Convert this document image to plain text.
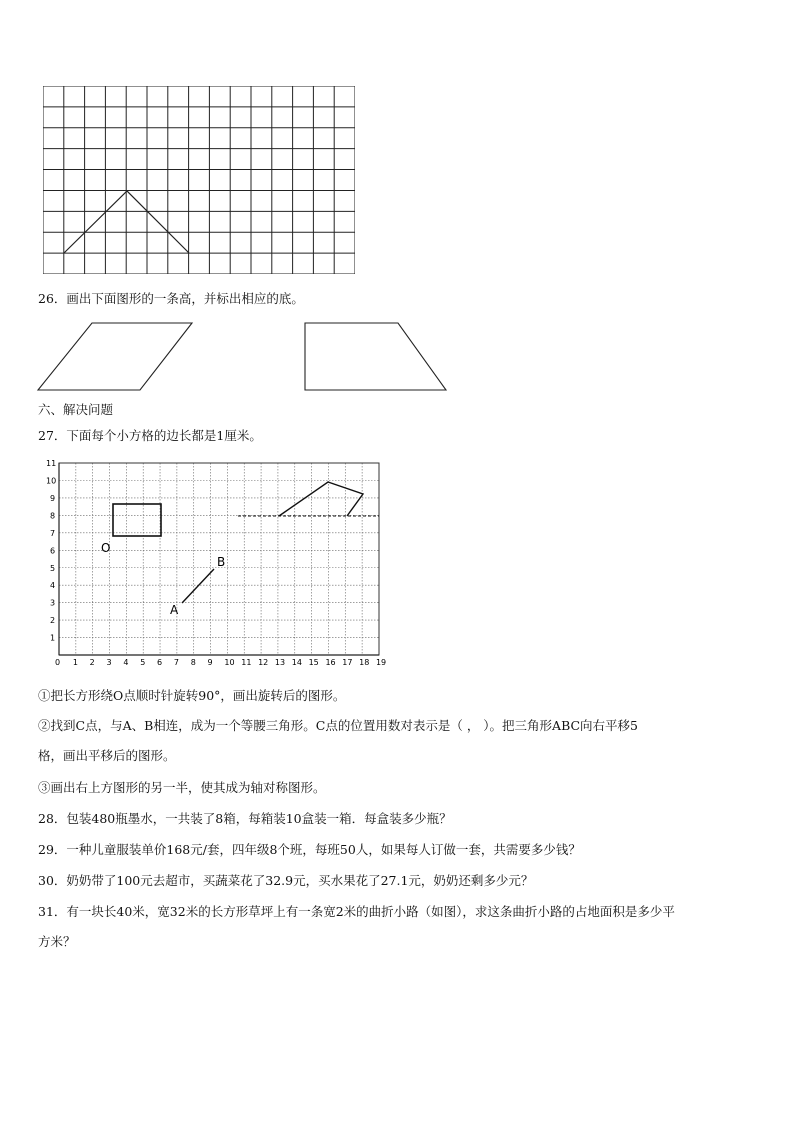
26．画出下面图形的一条高，并标出相应的底。
六、解决问题
27．下面每个小方格的边长都是1厘米。
0 1 2 3 4 5 6 7 8 9 10 11 12 13 14 15 16 17 18 19
1
2
3
4
5
6
7
8
9
10
11
O
A
B
①把长方形绕O点顺时针旋转90°，画出旋转后的图形。
②找到C点，与A、B相连，成为一个等腰三角形。C点的位置用数对表示是（ ， ）。把三角形ABC向右平移5
格，画出平移后的图形。
③画出右上方图形的另一半，使其成为轴对称图形。
28．包装480瓶墨水，一共装了8箱，每箱装10盒装一箱．每盒装多少瓶？
29．一种儿童服装单价168元/套，四年级8个班，每班50人，如果每人订做一套，共需要多少钱？
30．奶奶带了100元去超市，买蔬菜花了32.9元，买水果花了27.1元，奶奶还剩多少元？
31．有一块长40米，宽32米的长方形草坪上有一条宽2米的曲折小路（如图），求这条曲折小路的占地面积是多少平
方米？
